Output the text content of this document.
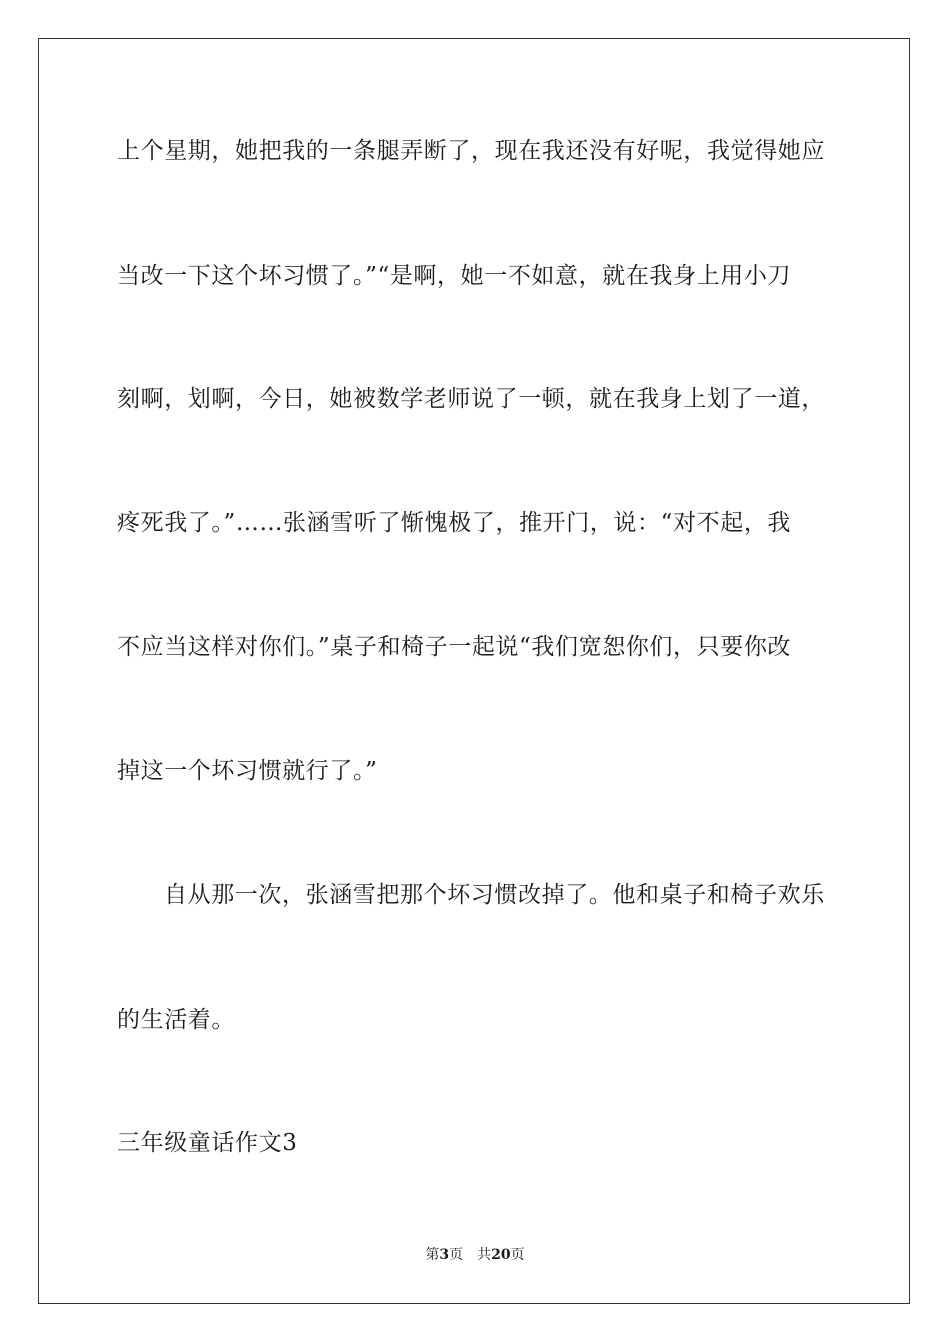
上个星期，她把我的一条腿弄断了，现在我还没有好呢，我觉得她应
当改一下这个坏习惯了。”“是啊，她一不如意，就在我身上用小刀
刻啊，划啊，今日，她被数学老师说了一顿，就在我身上划了一道，
疼死我了。”……张涵雪听了惭愧极了，推开门，说：“对不起，我
不应当这样对你们。”桌子和椅子一起说“我们宽恕你们，只要你改
掉这一个坏习惯就行了。”
自从那一次，张涵雪把那个坏习惯改掉了。他和桌子和椅子欢乐
的生活着。
三年级童话作文3
第3页 共20页
